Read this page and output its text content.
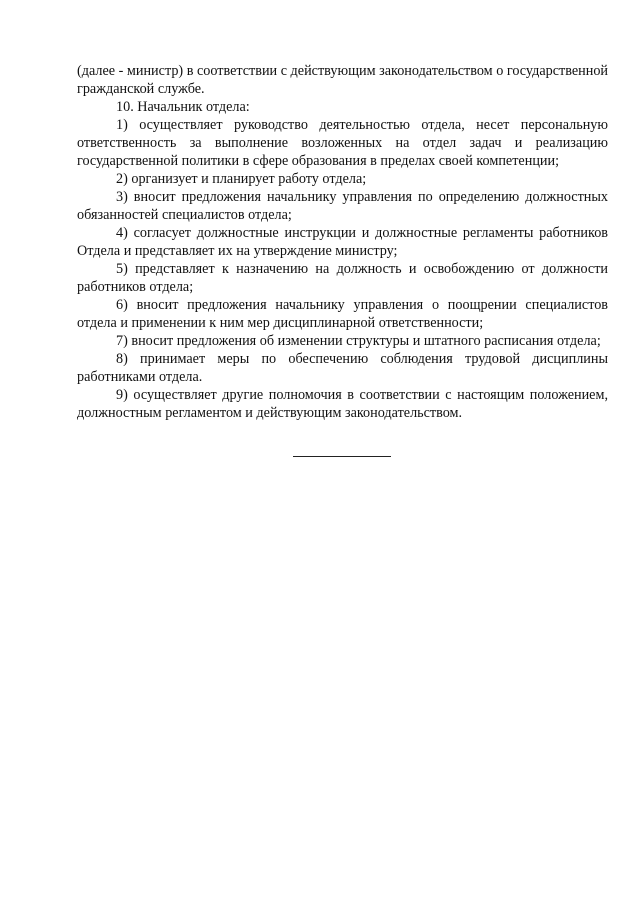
(далее - министр) в соответствии с действующим законодательством о государственной гражданской службе.

10. Начальник отдела:

1) осуществляет руководство деятельностью отдела, несет персональную ответственность за выполнение возложенных на отдел задач и реализацию государственной политики в сфере образования в пределах своей компетенции;

2) организует и планирует работу отдела;

3) вносит предложения начальнику управления по определению должностных обязанностей специалистов отдела;

4) согласует должностные инструкции и должностные регламенты работников Отдела и представляет их на утверждение министру;

5) представляет к назначению на должность и освобождению от должности работников отдела;

6) вносит предложения начальнику управления о поощрении специалистов отдела и применении к ним мер дисциплинарной ответственности;

7) вносит предложения об изменении структуры и штатного расписания отдела;

8) принимает меры по обеспечению соблюдения трудовой дисциплины работниками отдела.

9) осуществляет другие полномочия в соответствии с настоящим положением, должностным регламентом и действующим законодательством.
